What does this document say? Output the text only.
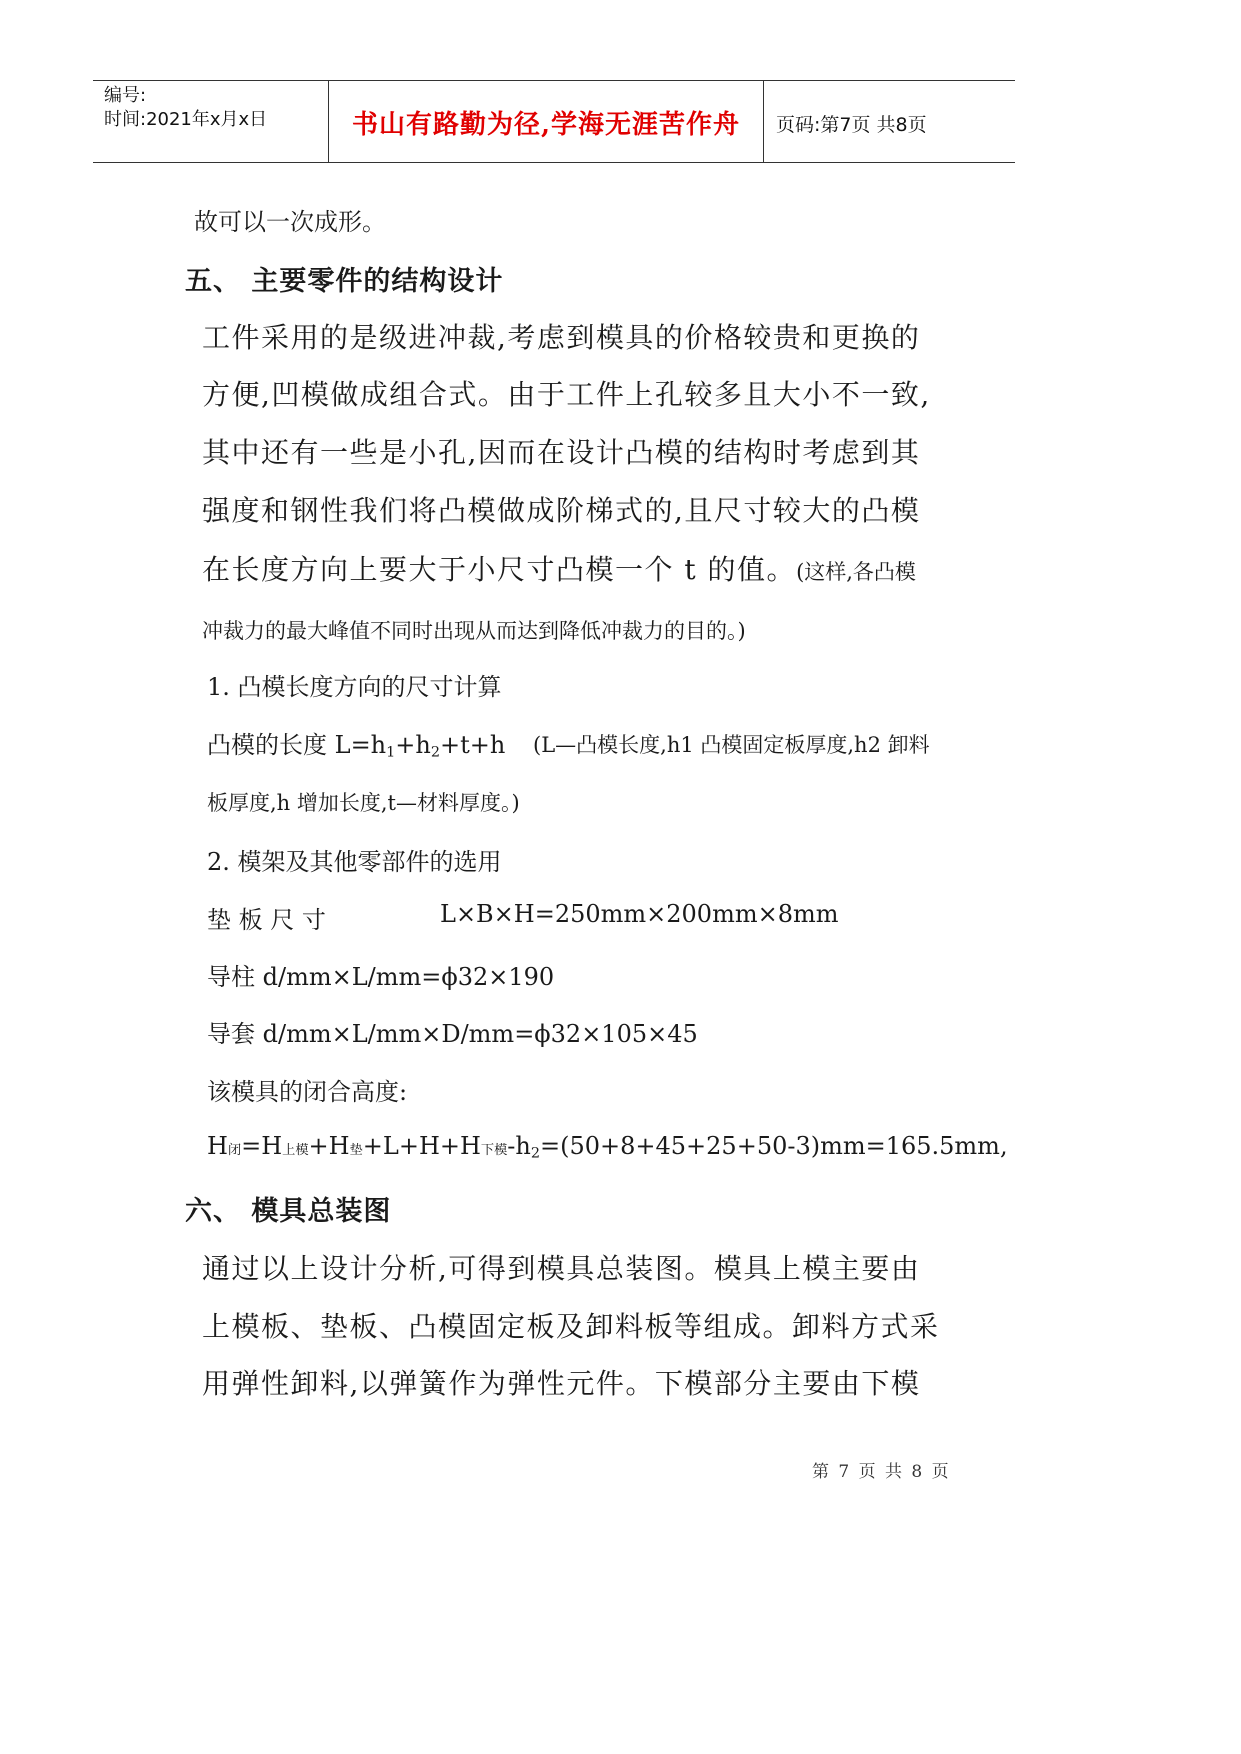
编号:
时间:2021年x月x日	书山有路勤为径,学海无涯苦作舟	页码:第7页 共8页
故可以一次成形。
五、 主要零件的结构设计
工件采用的是级进冲裁,考虑到模具的价格较贵和更换的
方便,凹模做成组合式。由于工件上孔较多且大小不一致,
其中还有一些是小孔,因而在设计凸模的结构时考虑到其
强度和钢性我们将凸模做成阶梯式的,且尺寸较大的凸模
在长度方向上要大于小尺寸凸模一个 t 的值。(这样,各凸模
冲裁力的最大峰值不同时出现从而达到降低冲裁力的目的。)
1. 凸模长度方向的尺寸计算
凸模的长度 $L=h_1+h_2+t+h$ (L—凸模长度,h1 凸模固定板厚度,h2 卸料
板厚度,h 增加长度,t—材料厚度。)
2. 模架及其他零部件的选用
垫 板 尺 寸	L×B×H=250mm×200mm×8mm
导柱 d/mm×L/mm=ϕ32×190
导套 d/mm×L/mm×D/mm=ϕ32×105×45
该模具的闭合高度:
H闭=H上模+H垫+L+H+H下模$-h_2=(50+8+45+25+50-3)mm=165.5mm$,
六、 模具总装图
通过以上设计分析,可得到模具总装图。模具上模主要由
上模板、垫板、凸模固定板及卸料板等组成。卸料方式采
用弹性卸料,以弹簧作为弹性元件。下模部分主要由下模
第 7 页 共 8 页
